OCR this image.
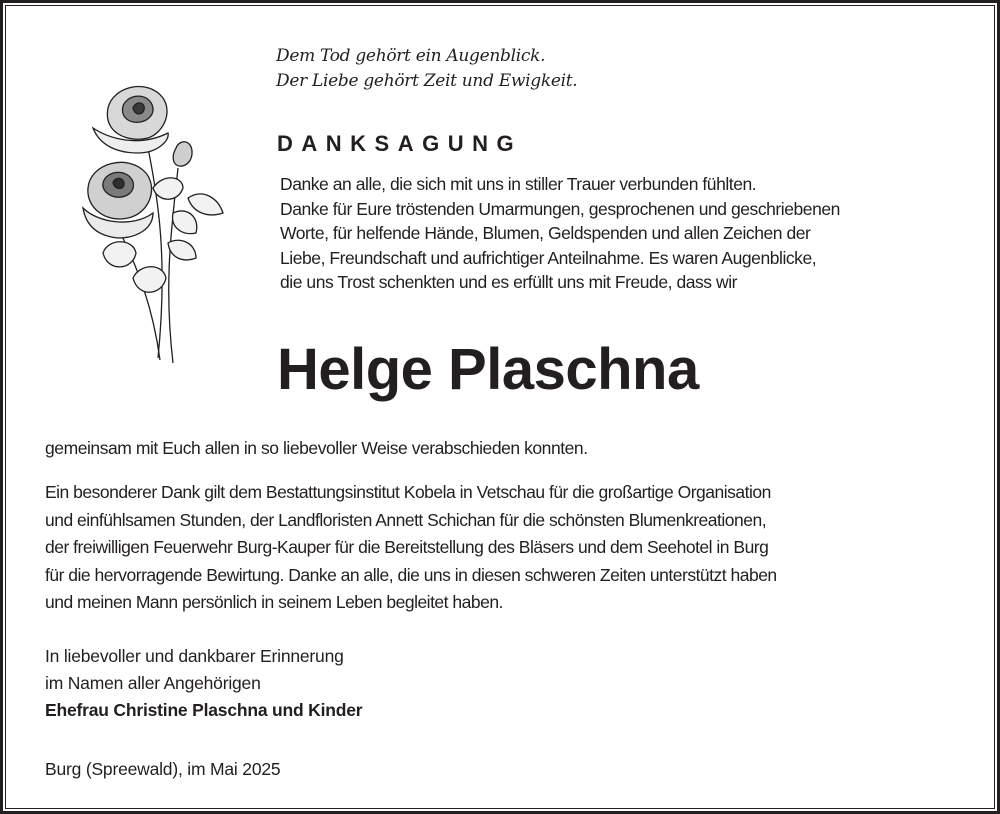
Dem Tod gehört ein Augenblick.
Der Liebe gehört Zeit und Ewigkeit.
DANKSAGUNG
Danke an alle, die sich mit uns in stiller Trauer verbunden fühlten.
Danke für Eure tröstenden Umarmungen, gesprochenen und geschriebenen
Worte, für helfende Hände, Blumen, Geldspenden und allen Zeichen der
Liebe, Freundschaft und aufrichtiger Anteilnahme. Es waren Augenblicke,
die uns Trost schenkten und es erfüllt uns mit Freude, dass wir
Helge Plaschna
gemeinsam mit Euch allen in so liebevoller Weise verabschieden konnten.
Ein besonderer Dank gilt dem Bestattungsinstitut Kobela in Vetschau für die großartige Organisation
und einfühlsamen Stunden, der Landfloristen Annett Schichan für die schönsten Blumenkreationen,
der freiwilligen Feuerwehr Burg-Kauper für die Bereitstellung des Bläsers und dem Seehotel in Burg
für die hervorragende Bewirtung. Danke an alle, die uns in diesen schweren Zeiten unterstützt haben
und meinen Mann persönlich in seinem Leben begleitet haben.
In liebevoller und dankbarer Erinnerung
im Namen aller Angehörigen
Ehefrau Christine Plaschna und Kinder
Burg (Spreewald), im Mai 2025
